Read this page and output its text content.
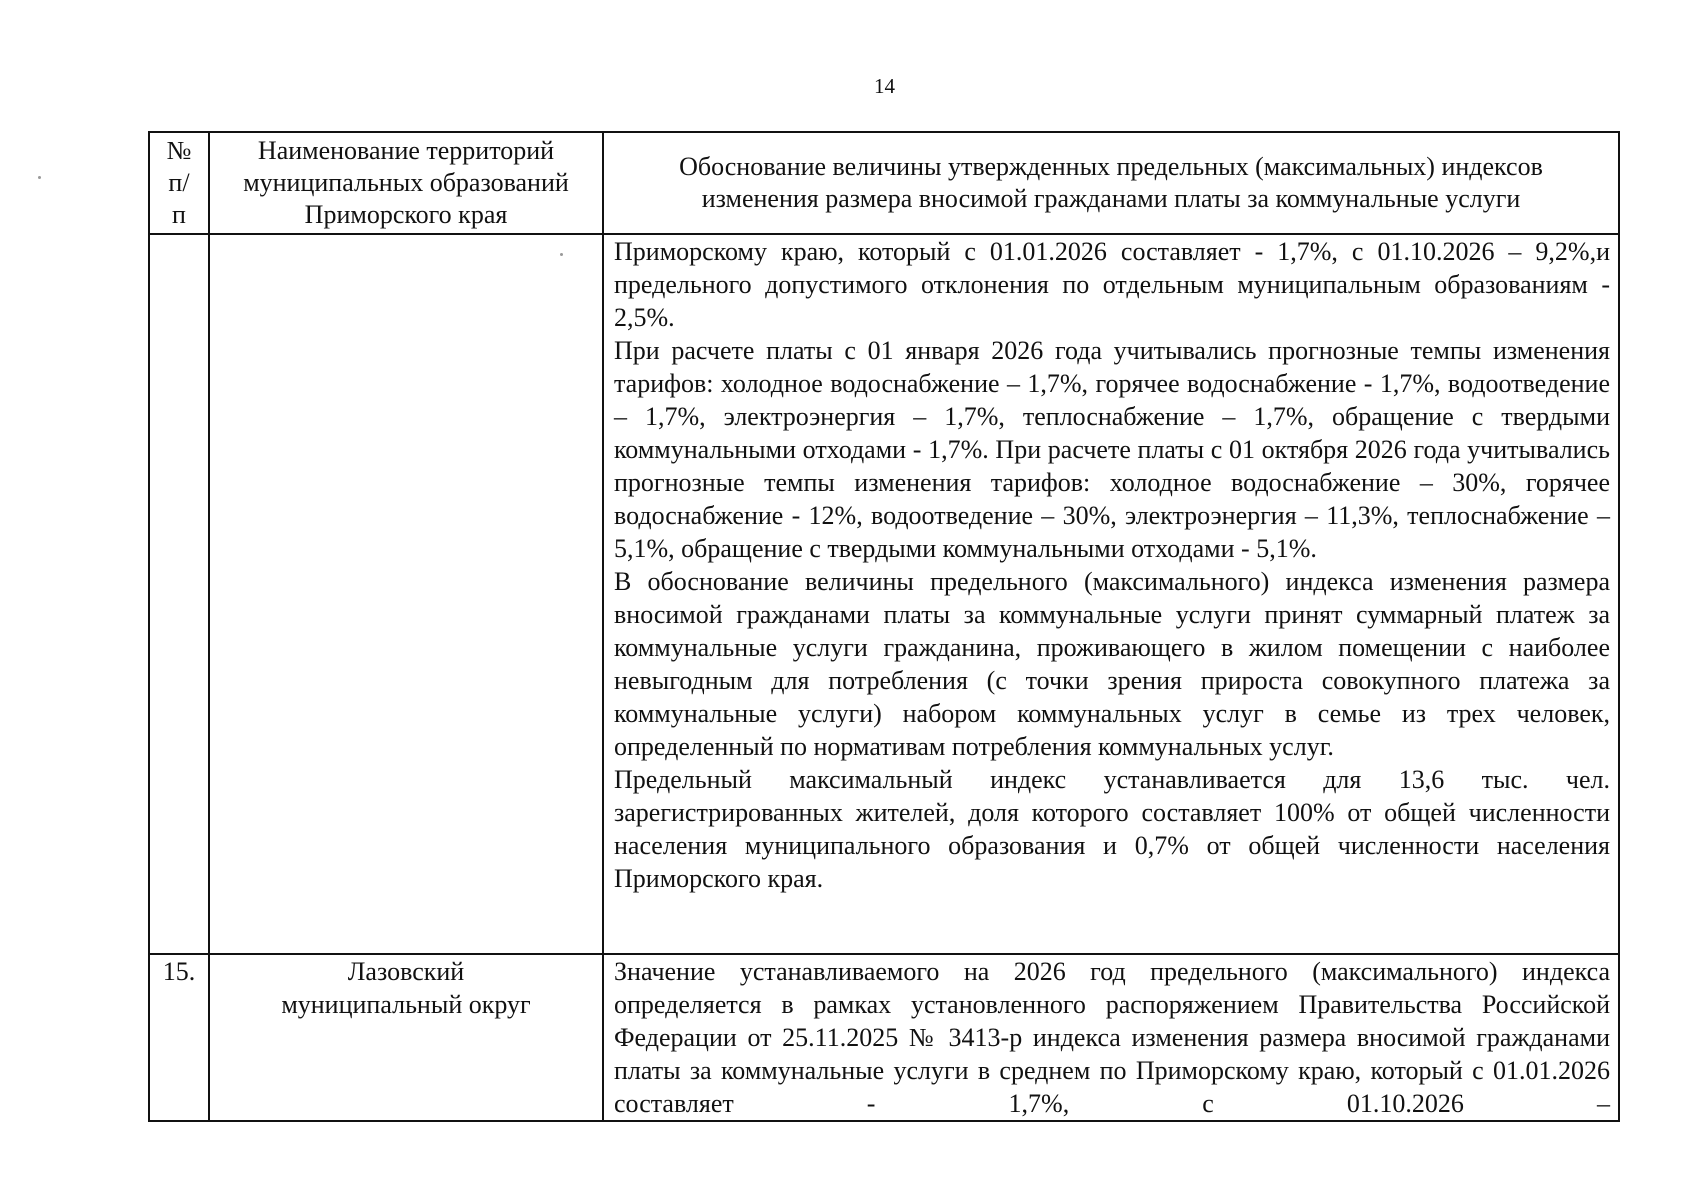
14
№ п/п	Наименование территорий муниципальных образований Приморского края	Обоснование величины утвержденных предельных (максимальных) индексов изменения размера вносимой гражданами платы за коммунальные услуги

		Приморскому краю, который с 01.01.2026 составляет - 1,7%, с 01.10.2026 – 9,2%,и предельного допустимого отклонения по отдельным муниципальным образованиям - 2,5%.

При расчете платы с 01 января 2026 года учитывались прогнозные темпы изменения тарифов: холодное водоснабжение – 1,7%, горячее водоснабжение - 1,7%, водоотведение – 1,7%, электроэнергия – 1,7%, теплоснабжение – 1,7%, обращение с твердыми коммунальными отходами - 1,7%. При расчете платы с 01 октября 2026 года учитывались прогнозные темпы изменения тарифов: холодное водоснабжение – 30%, горячее водоснабжение - 12%, водоотведение – 30%, электроэнергия – 11,3%, теплоснабжение – 5,1%, обращение с твердыми коммунальными отходами - 5,1%.

В обоснование величины предельного (максимального) индекса изменения размера вносимой гражданами платы за коммунальные услуги принят суммарный платеж за коммунальные услуги гражданина, проживающего в жилом помещении с наиболее невыгодным для потребления (с точки зрения прироста совокупного платежа за коммунальные услуги) набором коммунальных услуг в семье из трех человек, определенный по нормативам потребления коммунальных услуг.

Предельный максимальный индекс устанавливается для 13,6 тыс. чел. зарегистрированных жителей, доля которого составляет 100% от общей численности населения муниципального образования и 0,7% от общей численности населения Приморского края.

15.	Лазовский муниципальный округ	Значение устанавливаемого на 2026 год предельного (максимального) индекса определяется в рамках установленного распоряжением Правительства Российской Федерации от 25.11.2025 № 3413-р индекса изменения размера вносимой гражданами платы за коммунальные услуги в среднем по Приморскому краю, который с 01.01.2026 составляет - 1,7%, с 01.10.2026 –
